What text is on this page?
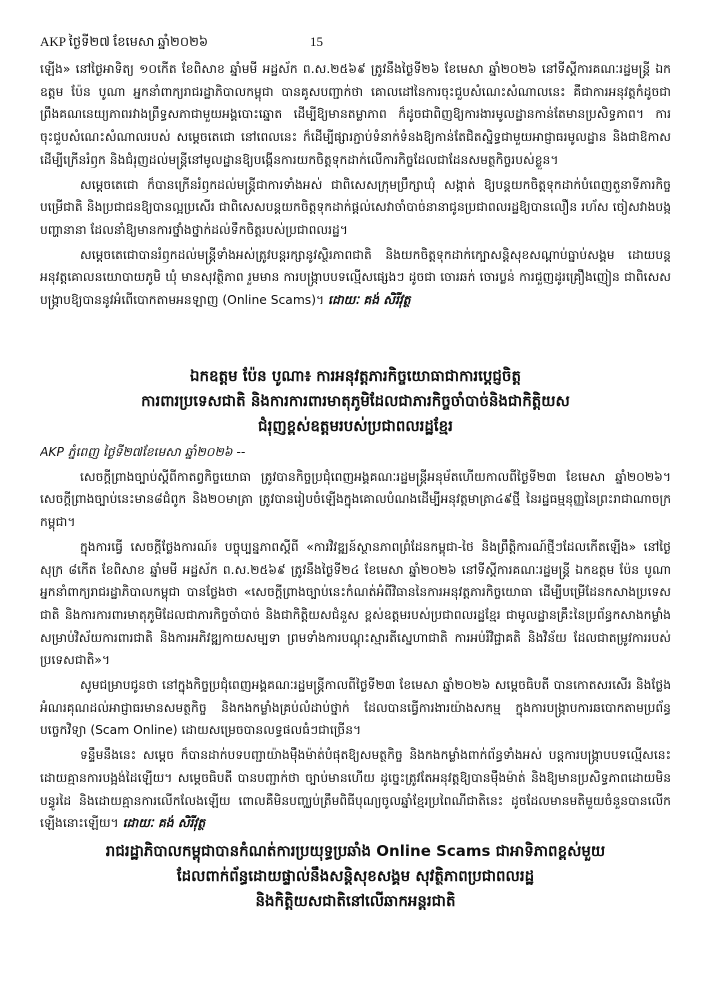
AKP ថ្ងៃទី២៧ ខែមេសា ឆ្នាំ២០២៦	15

ឡើង» នៅថ្ងៃអាទិត្យ ១០កើត ខែពិសាខ ឆ្នាំមមី អដ្ឋស័ក ព.ស.២៥៦៩ ត្រូវនឹងថ្ងៃទី២៦ ខែមេសា ឆ្នាំ២០២៦ នៅទីស្តីការគណៈរដ្ឋមន្ត្រី ឯកឧត្តម ប៉ែន បូណា អ្នកនាំពាក្យរាជរដ្ឋាភិបាលកម្ពុជា បានគូសបញ្ជាក់ថា គោលដៅនៃការចុះជួបសំណេះសំណាលនេះ គឺជាការអនុវត្តកំដូចជាព្រឹងគណនេយ្យភាពរវាងព្រឹទ្ធសភាជាមួយអង្គបោះឆ្នោត ដើម្បីឱ្យមានតម្លាភាព ក៏ដូចជាពិញឱ្យការងារមូលដ្ឋានកាន់តែមានប្រសិទ្ធភាព។ ការចុះជួបសំណេះសំណាលរបស់ សម្តេចតេជោ នៅពេលនេះ ក៏ដើម្បីផ្សារភ្ជាប់ទំនាក់ទំនងឱ្យកាន់តែជិតស្និទ្ធជាមួយអាជ្ញាធរមូលដ្ឋាន និងជាឱកាសដើម្បីក្រើនរំឭក និងជំរុញដល់មន្ត្រីនៅមូលដ្ឋានឱ្យបង្កើនការយកចិត្តទុកដាក់លើការកិច្ចដែលជាដែនសមត្ថកិច្ចរបស់ខ្លួន។

សម្តេចតេជោ ក៏បានក្រើនរំឭកដល់មន្ត្រីជាការទាំងអស់ ជាពិសេសក្រុមប្រឹក្សាឃុំ សង្កាត់ ឱ្យបន្តយកចិត្តទុកដាក់បំពេញតួនាទីភារកិច្ចបម្រើជាតិ និងប្រជាជនឱ្យបានល្អប្រសើរ ជាពិសេសបន្តយកចិត្តទុកដាក់ផ្តល់សេវាចាំបាច់នានាជូនប្រជាពលរដ្ឋឱ្យបានលឿន រហ័ស ចៀសវាងបង្កបញ្ហានានា ដែលនាំឱ្យមានការថ្នាំងថ្នាក់ដល់ទឹកចិត្តរបស់ប្រជាពលរដ្ឋ។

សម្តេចតេជោបានរំឭកដល់មន្ត្រីទាំងអស់ត្រូវបន្តរក្សានូវស្ថិរភាពជាតិ និងយកចិត្តទុកដាក់ក្បោសន្តិសុខសណ្តាប់ធ្នាប់សង្គម ដោយបន្តអនុវត្តគោលនយោបាយភូមិ ឃុំ មានសុវត្ថិភាព រួមមាន ការបង្ក្រាបបទល្មើសផ្សេងៗ ដូចជា ចោរឆក់ ចោរប្លន់ ការជួញដូរគ្រឿងញៀន ជាពិសេសបង្ក្រាបឱ្យបាននូវអំពើបោកតាមអនឡាញ (Online Scams)។ ដោយៈ គង់ សិរីវុត្ថ

ឯកឧត្តម ប៉ែន បូណា៖ ការអនុវត្តភារកិច្ចយោធាជាការប្តេជ្ញចិត្ត
ការពារប្រទេសជាតិ និងការការពារមាតុភូមិដែលជាភារកិច្ចចាំបាច់និងជាកិត្តិយស
ជំរុញខ្ពស់ឧត្តមរបស់ប្រជាពលរដ្ឋខ្មែរ

AKP ភ្នំពេញ ថ្ងៃទី២៧ខែមេសា ឆ្នាំ២០២៦ --

សេចក្តីព្រាងច្បាប់ស្តីពីកាតព្វកិច្ចយោធា ត្រូវបានកិច្ចប្រជុំពេញអង្គគណៈរដ្ឋមន្ត្រីអនុម័តហើយកាលពីថ្ងៃទី២៣ ខែមេសា ឆ្នាំ២០២៦។ សេចក្តីព្រាងច្បាប់នេះមាន៨ជំពូក និង២០មាត្រា ត្រូវបានរៀបចំឡើងក្នុងគោលបំណងដើម្បីអនុវត្តមាត្រា៤៩ថ្មី នៃរដ្ឋធម្មនុញ្ញនៃព្រះរាជាណាចក្រកម្ពុជា។

ក្នុងការធ្វើ សេចក្តីថ្លែងការណ៍៖ បច្ចុប្បន្នភាពស្តីពី «ការវិវឌ្ឍន៍ស្ថានភាពព្រំដែនកម្ពុជា-ថៃ និងព្រឹត្តិការណ៍ថ្មីៗដែលកើតឡើង» នៅថ្ងៃសុក្រ ៨កើត ខែពិសាខ ឆ្នាំមមី អដ្ឋស័ក ព.ស.២៥៦៩ ត្រូវនឹងថ្ងៃទី២៤ ខែមេសា ឆ្នាំ២០២៦ នៅទីស្តីការគណៈរដ្ឋមន្ត្រី ឯកឧត្តម ប៉ែន បូណា អ្នកនាំពាក្យរាជរដ្ឋាភិបាលកម្ពុជា បានថ្លែងថា «សេចក្តីព្រាងច្បាប់នេះកំណត់អំពីវិធាននៃការអនុវត្តភារកិច្ចយោធា ដើម្បីបម្រើដែនកសាងប្រទេសជាតិ និងការការពារមាតុភូមិដែលជាភារកិច្ចចាំបាច់ និងជាកិត្តិយសជំនួស ខ្ពស់ឧត្តមរបស់ប្រជាពលរដ្ឋខ្មែរ ជាមូលដ្ឋានគ្រឹះនៃប្រព័ន្ធកសាងកម្លាំងសម្រាប់វិស័យការពារជាតិ និងការអភិវឌ្ឍកាយសម្បទា ព្រមទាំងការបណ្តុះស្មារតីស្នេហាជាតិ ការអប់រំវិជ្ជាគតិ និងវិន័យ ដែលជាតម្រូវការរបស់ប្រទេសជាតិ»។

សូមជម្រាបជូនថា នៅក្នុងកិច្ចប្រជុំពេញអង្គគណៈរដ្ឋមន្ត្រីកាលពីថ្ងៃទី២៣ ខែមេសា ឆ្នាំ២០២៦ សម្តេចធិបតី បានកោតសរសើរ និងថ្លែងអំណរគុណដល់អាជ្ញាធរមានសមត្ថកិច្ច និងកងកម្លាំងគ្រប់លំដាប់ថ្នាក់ ដែលបានធ្វើការងារយ៉ាងសកម្ម ក្នុងការបង្ក្រាបការឆបោកតាមប្រព័ន្ធបច្ចេកវិទ្យា (Scam Online) ដោយសម្រេចបានលទ្ធផលធំៗជាច្រើន។

ទន្ទឹមនឹងនេះ សម្តេច ក៏បានដាក់បទបញ្ជាយ៉ាងម៉ឺងម៉ាត់បំផុតឱ្យសមត្ថកិច្ច និងកងកម្លាំងពាក់ព័ន្ធទាំងអស់ បន្តការបង្ក្រាបបទល្មើសនេះដោយគ្មានការបង្អង់ដៃឡើយ។ សម្តេចធិបតី បានបញ្ជាក់ថា ច្បាប់មានហើយ ដូច្នេះត្រូវតែអនុវត្តឱ្យបានម៉ឺងម៉ាត់ និងឱ្យមានប្រសិទ្ធភាពដោយមិនបន្ធូរដៃ និងដោយគ្មានការលើកលែងឡើយ ពោលគឺមិនបញ្ឈប់ត្រឹមពិធីបុណ្យចូលឆ្នាំខ្មែរប្រពៃណីជាតិនេះ ដូចដែលមានមតិមួយចំនួនបានលើកឡើងនោះឡើយ។ ដោយៈ គង់ សិរីវុត្ថ

រាជរដ្ឋាភិបាលកម្ពុជាបានកំណត់ការប្រយុទ្ធប្រឆាំង Online Scams ជាអាទិភាពខ្ពស់មួយ
ដែលពាក់ព័ន្ធដោយផ្ទាល់នឹងសន្តិសុខសង្គម សុវត្ថិភាពប្រជាពលរដ្ឋ
និងកិត្តិយសជាតិនៅលើឆាកអន្តរជាតិ
